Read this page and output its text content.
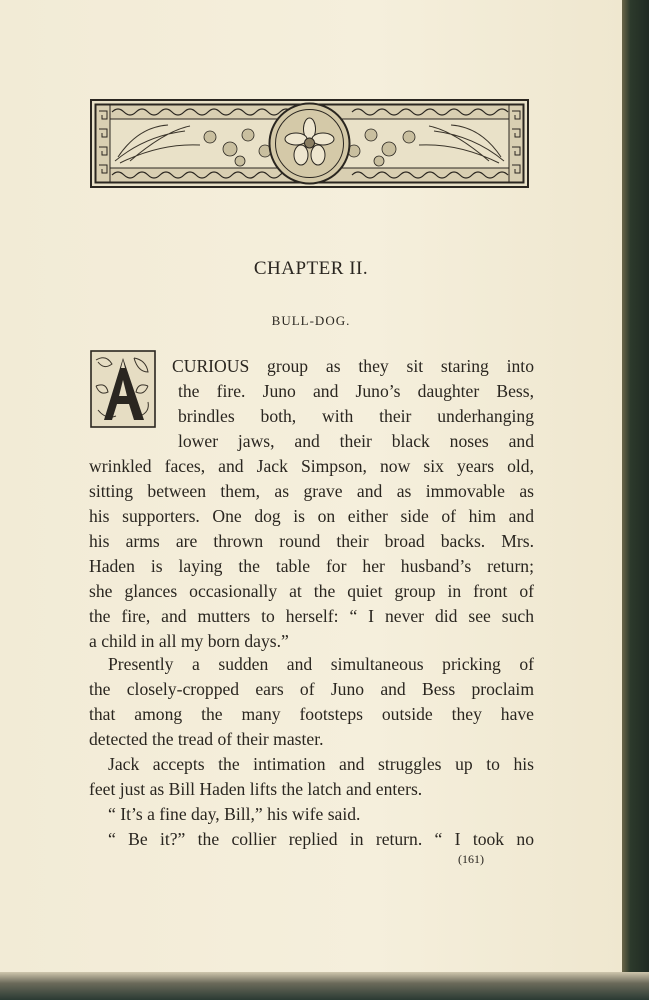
CHAPTER II.
BULL-DOG.
CURIOUS group as they sit staring into
the fire. Juno and Juno’s daughter Bess,
brindles both, with their underhanging
lower jaws, and their black noses and
wrinkled faces, and Jack Simpson, now six years old,
sitting between them, as grave and as immovable as
his supporters. One dog is on either side of him and
his arms are thrown round their broad backs. Mrs.
Haden is laying the table for her husband’s return;
she glances occasionally at the quiet group in front of
the fire, and mutters to herself: “ I never did see such
a child in all my born days.”
Presently a sudden and simultaneous pricking of
the closely-cropped ears of Juno and Bess proclaim
that among the many footsteps outside they have
detected the tread of their master.
Jack accepts the intimation and struggles up to his
feet just as Bill Haden lifts the latch and enters.
“ It’s a fine day, Bill,” his wife said.
“ Be it?” the collier replied in return. “ I took no
(161)
